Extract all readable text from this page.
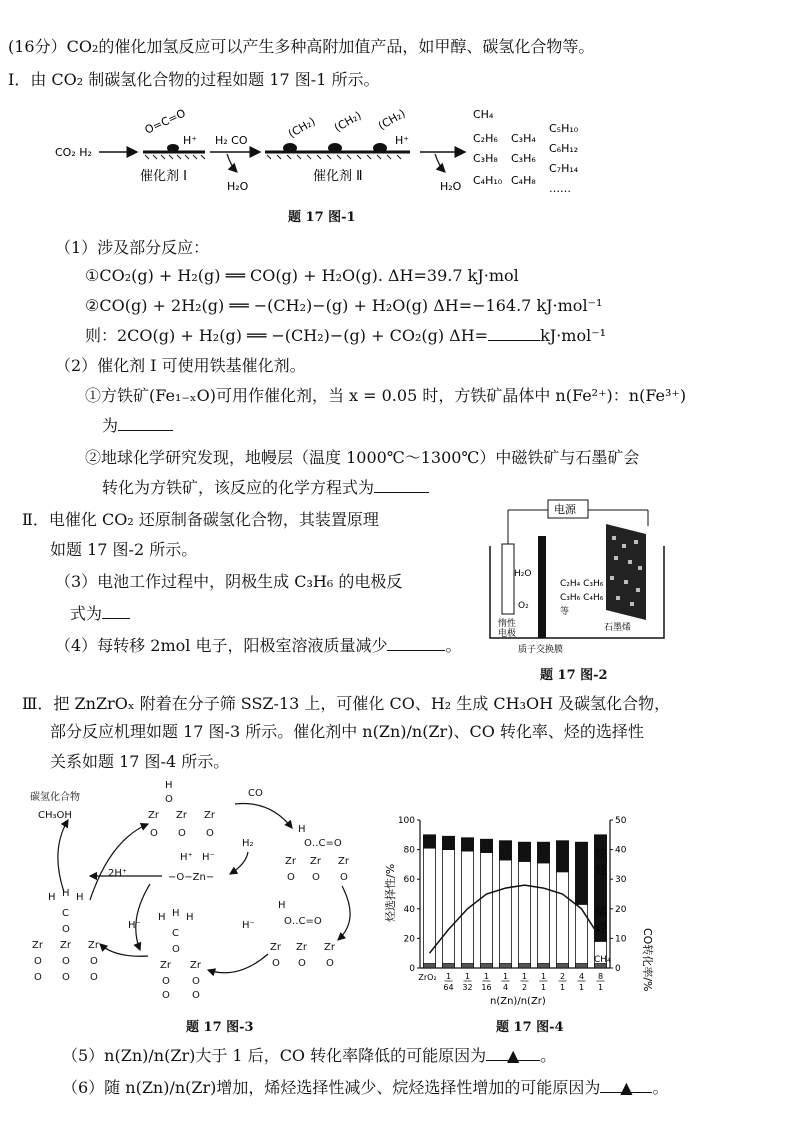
(16分）CO₂的催化加氢反应可以产生多种高附加值产品，如甲醇、碳氢化合物等。
Ⅰ．由 CO₂ 制碳氢化合物的过程如题 17 图-1 所示。
CO₂ H₂
O=C=O
H⁺
催化剂 Ⅰ
H₂ CO
H₂O
(CH₂) (CH₂) (CH₂)
H⁺
催化剂 Ⅱ
H₂O
CH₄
C₂H₆
C₃H₈
C₄H₁₀
C₃H₄
C₃H₆
C₄H₈
C₅H₁₀
C₆H₁₂
C₇H₁₄
……
题 17 图-1
（1）涉及部分反应：
①CO₂(g) + H₂(g) ══ CO(g) + H₂O(g). ΔH=39.7 kJ·mol
②CO(g) + 2H₂(g) ══ −(CH₂)−(g) + H₂O(g) ΔH=−164.7 kJ·mol⁻¹
则：2CO(g) + H₂(g) ══ −(CH₂)−(g) + CO₂(g) ΔH=	kJ·mol⁻¹
（2）催化剂 Ⅰ 可使用铁基催化剂。
①方铁矿(Fe₁₋ₓO)可用作催化剂，当 x = 0.05 时，方铁矿晶体中 n(Fe²⁺)：n(Fe³⁺)
为
②地球化学研究发现，地幔层（温度 1000℃～1300℃）中磁铁矿与石墨矿会
转化为方铁矿，该反应的化学方程式为
Ⅱ．电催化 CO₂ 还原制备碳氢化合物，其装置原理
如题 17 图-2 所示。
（3）电池工作过程中，阴极生成 C₃H₆ 的电极反
式为
（4）每转移 2mol 电子，阳极室溶液质量减少	。
电源
H₂O
O₂
惰性
电极
C₂H₄ C₃H₆
C₃H₆ C₄H₆
等
石墨烯
质子交换膜
题 17 图-2
Ⅲ．把 ZnZrOₓ 附着在分子筛 SSZ-13 上，可催化 CO、H₂ 生成 CH₃OH 及碳氢化合物，
部分反应机理如题 17 图-3 所示。催化剂中 n(Zn)/n(Zr)、CO 转化率、烃的选择性
关系如题 17 图-4 所示。
碳氢化合物
CH₃OH
H
O
Zr Zr Zr
O O O
CO
H
O‥C=O
Zr Zr Zr
O O O
H⁺ H⁻
−O−Zn−
H₂
2H⁺
H H H
C
O
Zr Zr Zr
O O O
O O O
H⁻
H H H
C
O
Zr Zr
O O
O O
H⁻
H
O‥C=O
Zr Zr Zr
O O O
题 17 图-3
0
20
40
60
80
100
0
10
20
30
40
50
ZrO₂ 1
64
1
32
1
16
1
4
1
2
1
1
2
1
4
1
8
1
n(Zn)/n(Zr)
烃选择性/%
CO转化率/%
烷
烃
烯
烃
CH₄
题 17 图-4
（5）n(Zn)/n(Zr)大于 1 后，CO 转化率降低的可能原因为 ▲ 。
（6）随 n(Zn)/n(Zr)增加，烯烃选择性减少、烷烃选择性增加的可能原因为 ▲ 。
